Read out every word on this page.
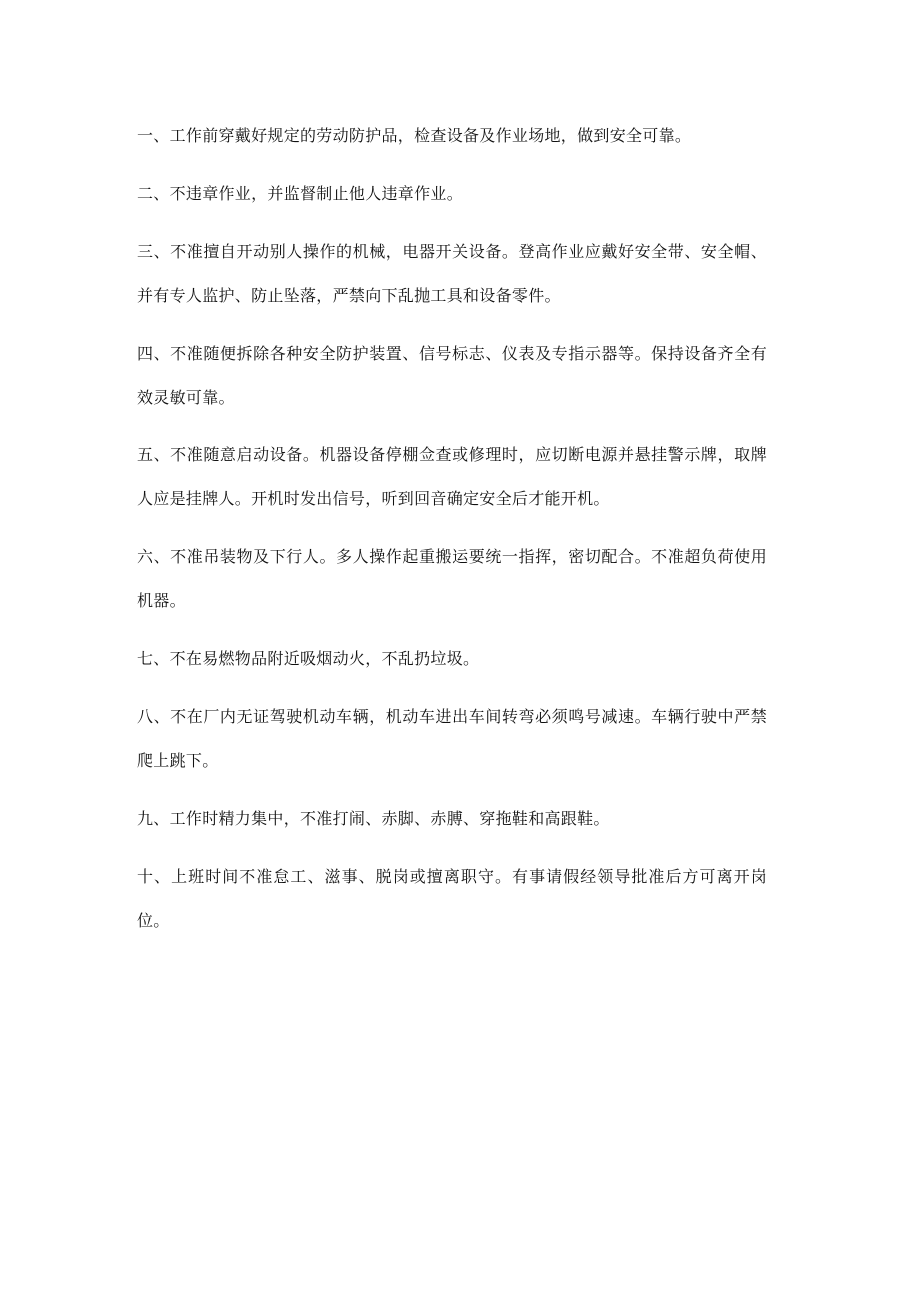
一、工作前穿戴好规定的劳动防护品，检查设备及作业场地，做到安全可靠。

二、不违章作业，并监督制止他人违章作业。

三、不准擅自开动别人操作的机械，电器开关设备。登高作业应戴好安全带、安全帽、并有专人监护、防止坠落，严禁向下乱抛工具和设备零件。

四、不准随便拆除各种安全防护装置、信号标志、仪表及专指示器等。保持设备齐全有效灵敏可靠。

五、不准随意启动设备。机器设备停棚佥查或修理时，应切断电源并悬挂警示牌，取牌人应是挂牌人。开机时发出信号，听到回音确定安全后才能开机。

六、不准吊装物及下行人。多人操作起重搬运要统一指挥，密切配合。不准超负荷使用机器。

七、不在易燃物品附近吸烟动火，不乱扔垃圾。

八、不在厂内无证驾驶机动车辆，机动车进出车间转弯必须鸣号减速。车辆行驶中严禁爬上跳下。

九、工作时精力集中，不准打闹、赤脚、赤膊、穿拖鞋和高跟鞋。

十、上班时间不准怠工、滋事、脱岗或擅离职守。有事请假经领导批准后方可离开岗位。
